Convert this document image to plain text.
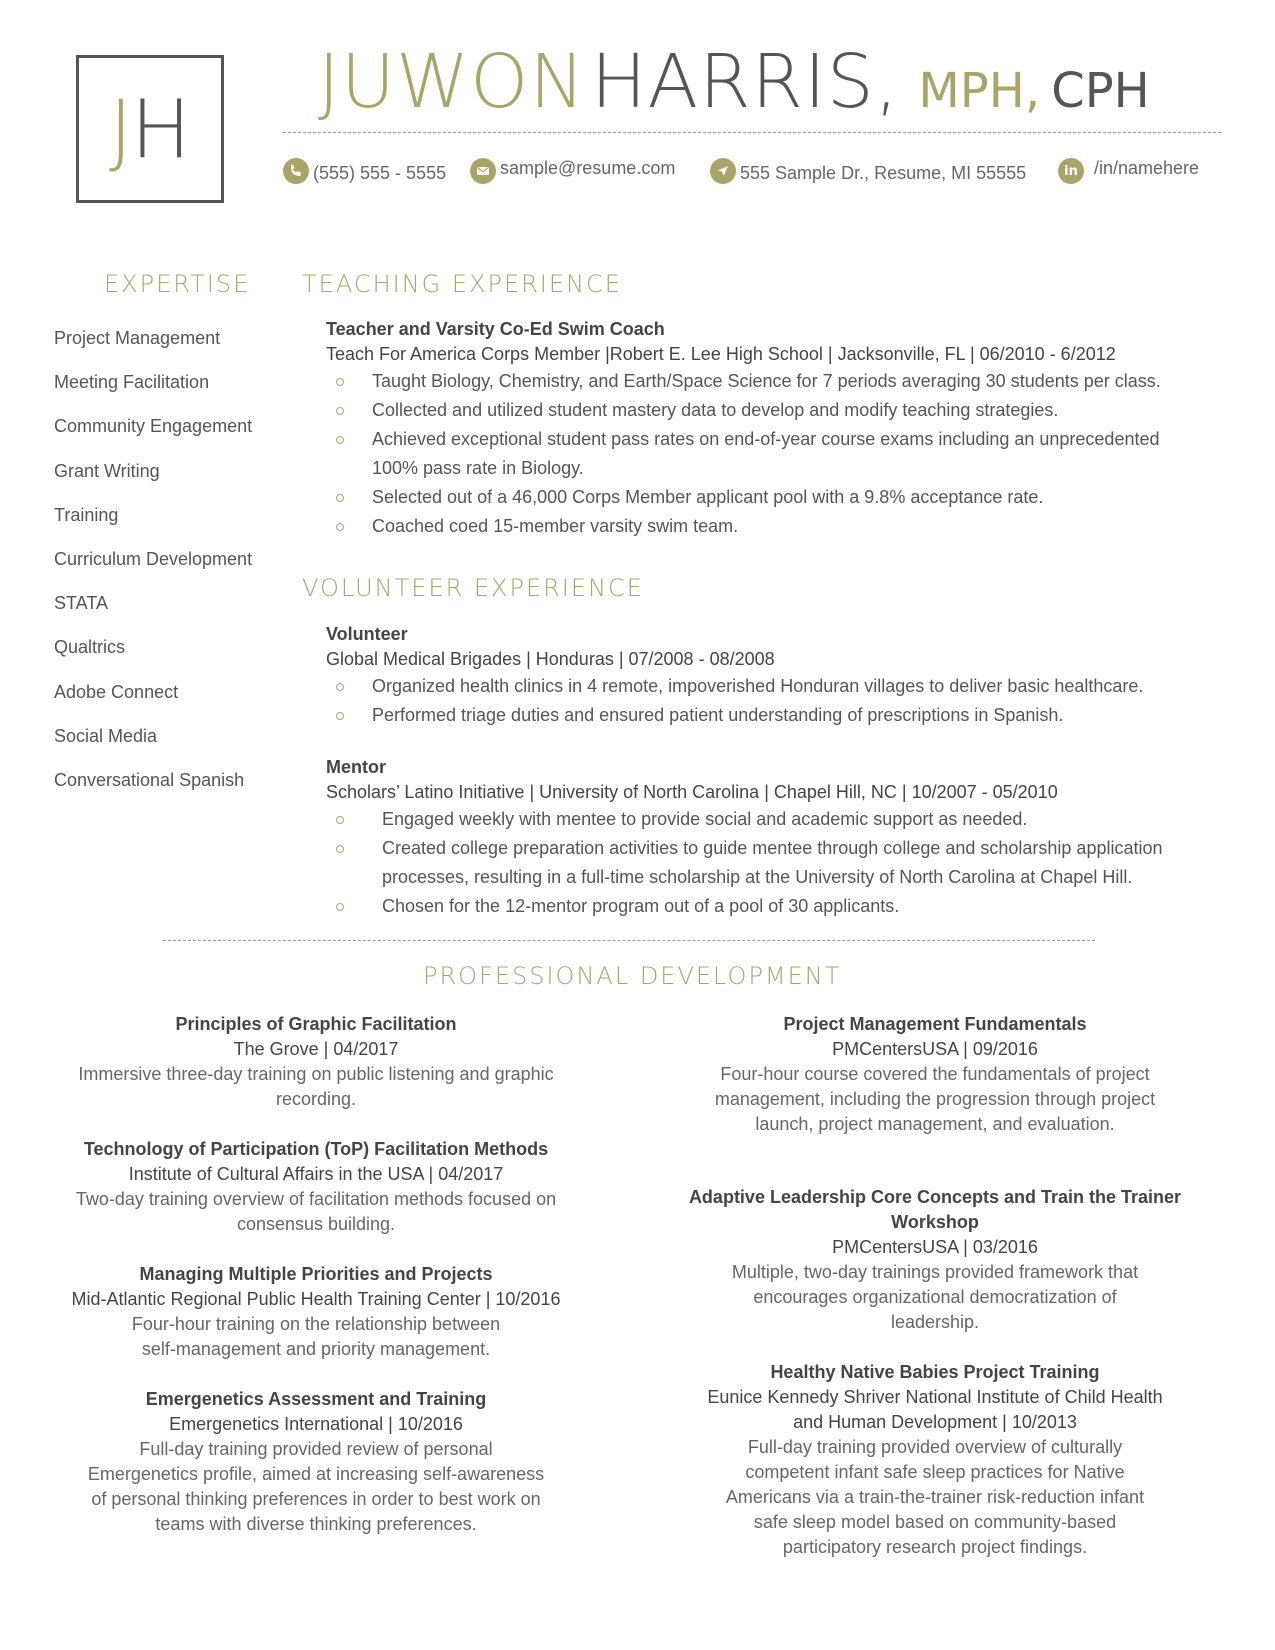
J H
JUWON HARRIS, MPH, CPH
(555) 555 - 5555	sample@resume.com	555 Sample Dr., Resume, MI 55555	in /in/namehere
EXPERTISE
Project Management
Meeting Facilitation
Community Engagement
Grant Writing
Training
Curriculum Development
STATA
Qualtrics
Adobe Connect
Social Media
Conversational Spanish
TEACHING EXPERIENCE
Teacher and Varsity Co-Ed Swim Coach
Teach For America Corps Member |Robert E. Lee High School | Jacksonville, FL | 06/2010 - 6/2012
Taught Biology, Chemistry, and Earth/Space Science for 7 periods averaging 30 students per class.
Collected and utilized student mastery data to develop and modify teaching strategies.
Achieved exceptional student pass rates on end-of-year course exams including an unprecedented 100% pass rate in Biology.
Selected out of a 46,000 Corps Member applicant pool with a 9.8% acceptance rate.
Coached coed 15-member varsity swim team.
VOLUNTEER EXPERIENCE
Volunteer
Global Medical Brigades | Honduras | 07/2008 - 08/2008
Organized health clinics in 4 remote, impoverished Honduran villages to deliver basic healthcare.
Performed triage duties and ensured patient understanding of prescriptions in Spanish.
Mentor
Scholars’ Latino Initiative | University of North Carolina | Chapel Hill, NC | 10/2007 - 05/2010
Engaged weekly with mentee to provide social and academic support as needed.
Created college preparation activities to guide mentee through college and scholarship application processes, resulting in a full-time scholarship at the University of North Carolina at Chapel Hill.
Chosen for the 12-mentor program out of a pool of 30 applicants.
PROFESSIONAL DEVELOPMENT
Principles of Graphic Facilitation
The Grove | 04/2017
Immersive three-day training on public listening and graphic recording.
Technology of Participation (ToP) Facilitation Methods
Institute of Cultural Affairs in the USA | 04/2017
Two-day training overview of facilitation methods focused on consensus building.
Managing Multiple Priorities and Projects
Mid-Atlantic Regional Public Health Training Center | 10/2016
Four-hour training on the relationship between self-management and priority management.
Emergenetics Assessment and Training
Emergenetics International | 10/2016
Full-day training provided review of personal Emergenetics profile, aimed at increasing self-awareness of personal thinking preferences in order to best work on teams with diverse thinking preferences.
Project Management Fundamentals
PMCentersUSA | 09/2016
Four-hour course covered the fundamentals of project management, including the progression through project launch, project management, and evaluation.
Adaptive Leadership Core Concepts and Train the Trainer Workshop
PMCentersUSA | 03/2016
Multiple, two-day trainings provided framework that encourages organizational democratization of leadership.
Healthy Native Babies Project Training
Eunice Kennedy Shriver National Institute of Child Health and Human Development | 10/2013
Full-day training provided overview of culturally competent infant safe sleep practices for Native Americans via a train-the-trainer risk-reduction infant safe sleep model based on community-based participatory research project findings.
